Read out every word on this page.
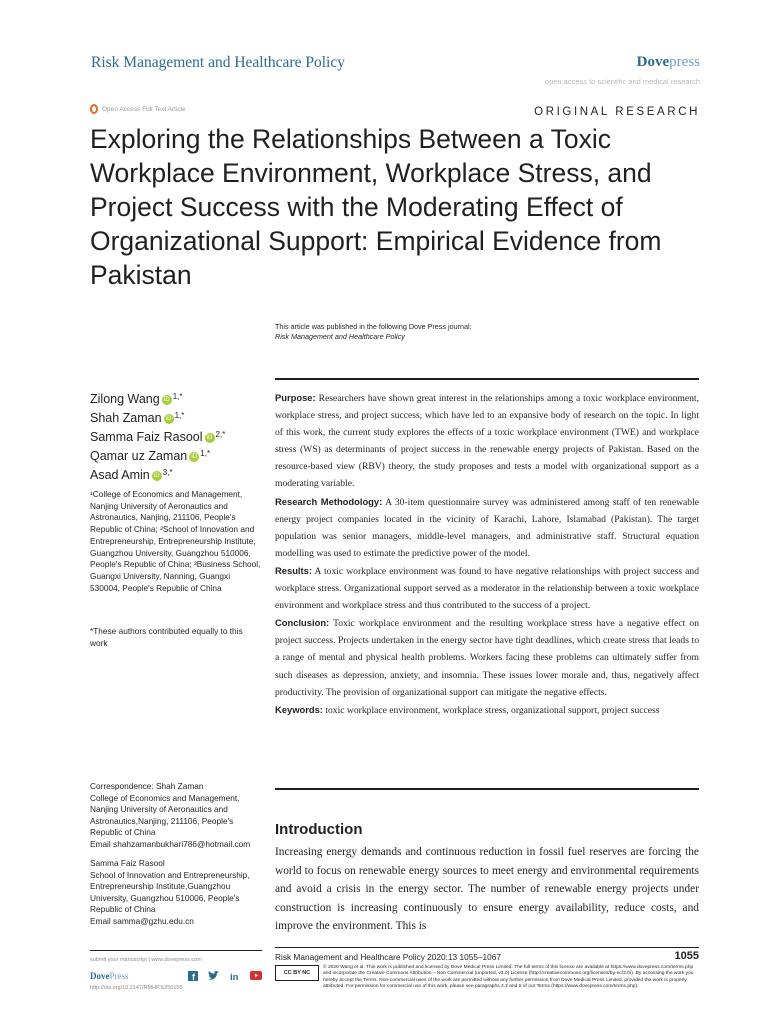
Risk Management and Healthcare Policy	Dovepress
open access to scientific and medical research
Open Access Full Text Article	ORIGINAL RESEARCH
Exploring the Relationships Between a Toxic Workplace Environment, Workplace Stress, and Project Success with the Moderating Effect of Organizational Support: Empirical Evidence from Pakistan
This article was published in the following Dove Press journal:
Risk Management and Healthcare Policy
Zilong Wang iD $^{1,*}$
Shah Zaman iD $^{1,*}$
Samma Faiz Rasool iD $^{2,*}$
Qamar uz Zaman iD $^{1,*}$
Asad Amin iD $^{3,*}$
¹College of Economics and Management, Nanjing University of Aeronautics and Astronautics, Nanjing, 211106, People's Republic of China; ²School of Innovation and Entrepreneurship, Entrepreneurship Institute, Guangzhou University, Guangzhou 510006, People's Republic of China; ³Business School, Guangxi University, Nanning, Guangxi 530004, People's Republic of China
*These authors contributed equally to this work
Correspondence: Shah Zaman
College of Economics and Management,
Nanjing University of Aeronautics and
Astronautics,Nanjing, 211106, People's
Republic of China
Email shahzamanbukhari786@hotmail.com
Samma Faiz Rasool
School of Innovation and Entrepreneurship,
Entrepreneurship Institute,Guangzhou
University, Guangzhou 510006, People's
Republic of China
Email samma@gzhu.edu.cn

Purpose: Researchers have shown great interest in the relationships among a toxic workplace environment, workplace stress, and project success, which have led to an expansive body of research on the topic. In light of this work, the current study explores the effects of a toxic workplace environment (TWE) and workplace stress (WS) as determinants of project success in the renewable energy projects of Pakistan. Based on the resource-based view (RBV) theory, the study proposes and tests a model with organizational support as a moderating variable.

Research Methodology: A 30-item questionnaire survey was administered among staff of ten renewable energy project companies located in the vicinity of Karachi, Lahore, Islamabad (Pakistan). The target population was senior managers, middle-level managers, and administrative staff. Structural equation modelling was used to estimate the predictive power of the model.

Results: A toxic workplace environment was found to have negative relationships with project success and workplace stress. Organizational support served as a moderator in the relationship between a toxic workplace environment and workplace stress and thus contributed to the success of a project.

Conclusion: Toxic workplace environment and the resulting workplace stress have a negative effect on project success. Projects undertaken in the energy sector have tight deadlines, which create stress that leads to a range of mental and physical health problems. Workers facing these problems can ultimately suffer from such diseases as depression, anxiety, and insomnia. These issues lower morale and, thus, negatively affect productivity. The provision of organizational support can mitigate the negative effects.

Keywords: toxic workplace environment, workplace stress, organizational support, project success

Introduction
Increasing energy demands and continuous reduction in fossil fuel reserves are forcing the world to focus on renewable energy sources to meet energy and environmental requirements and avoid a crisis in the energy sector. The number of renewable energy projects under construction is increasing continuously to ensure energy availability, reduce costs, and improve the environment. This is
submit your manuscript | www.dovepress.com
DovePress	f	in
http://doi.org/10.2147/RMHP.S256155
Risk Management and Healthcare Policy 2020:13 1055–1067	1055
CC BY NC
© 2020 Wang et al. This work is published and licensed by Dove Medical Press Limited. The full terms of this license are available at https://www.dovepress.com/terms.php and incorporate the Creative Commons Attribution – Non Commercial (unported, v3.0) License (http://creativecommons.org/licenses/by-nc/3.0/). By accessing the work you hereby accept the Terms. Non-commercial uses of the work are permitted without any further permission from Dove Medical Press Limited, provided the work is properly attributed. For permission for commercial use of this work, please see paragraphs 4.2 and 5 of our Terms (https://www.dovepress.com/terms.php).
